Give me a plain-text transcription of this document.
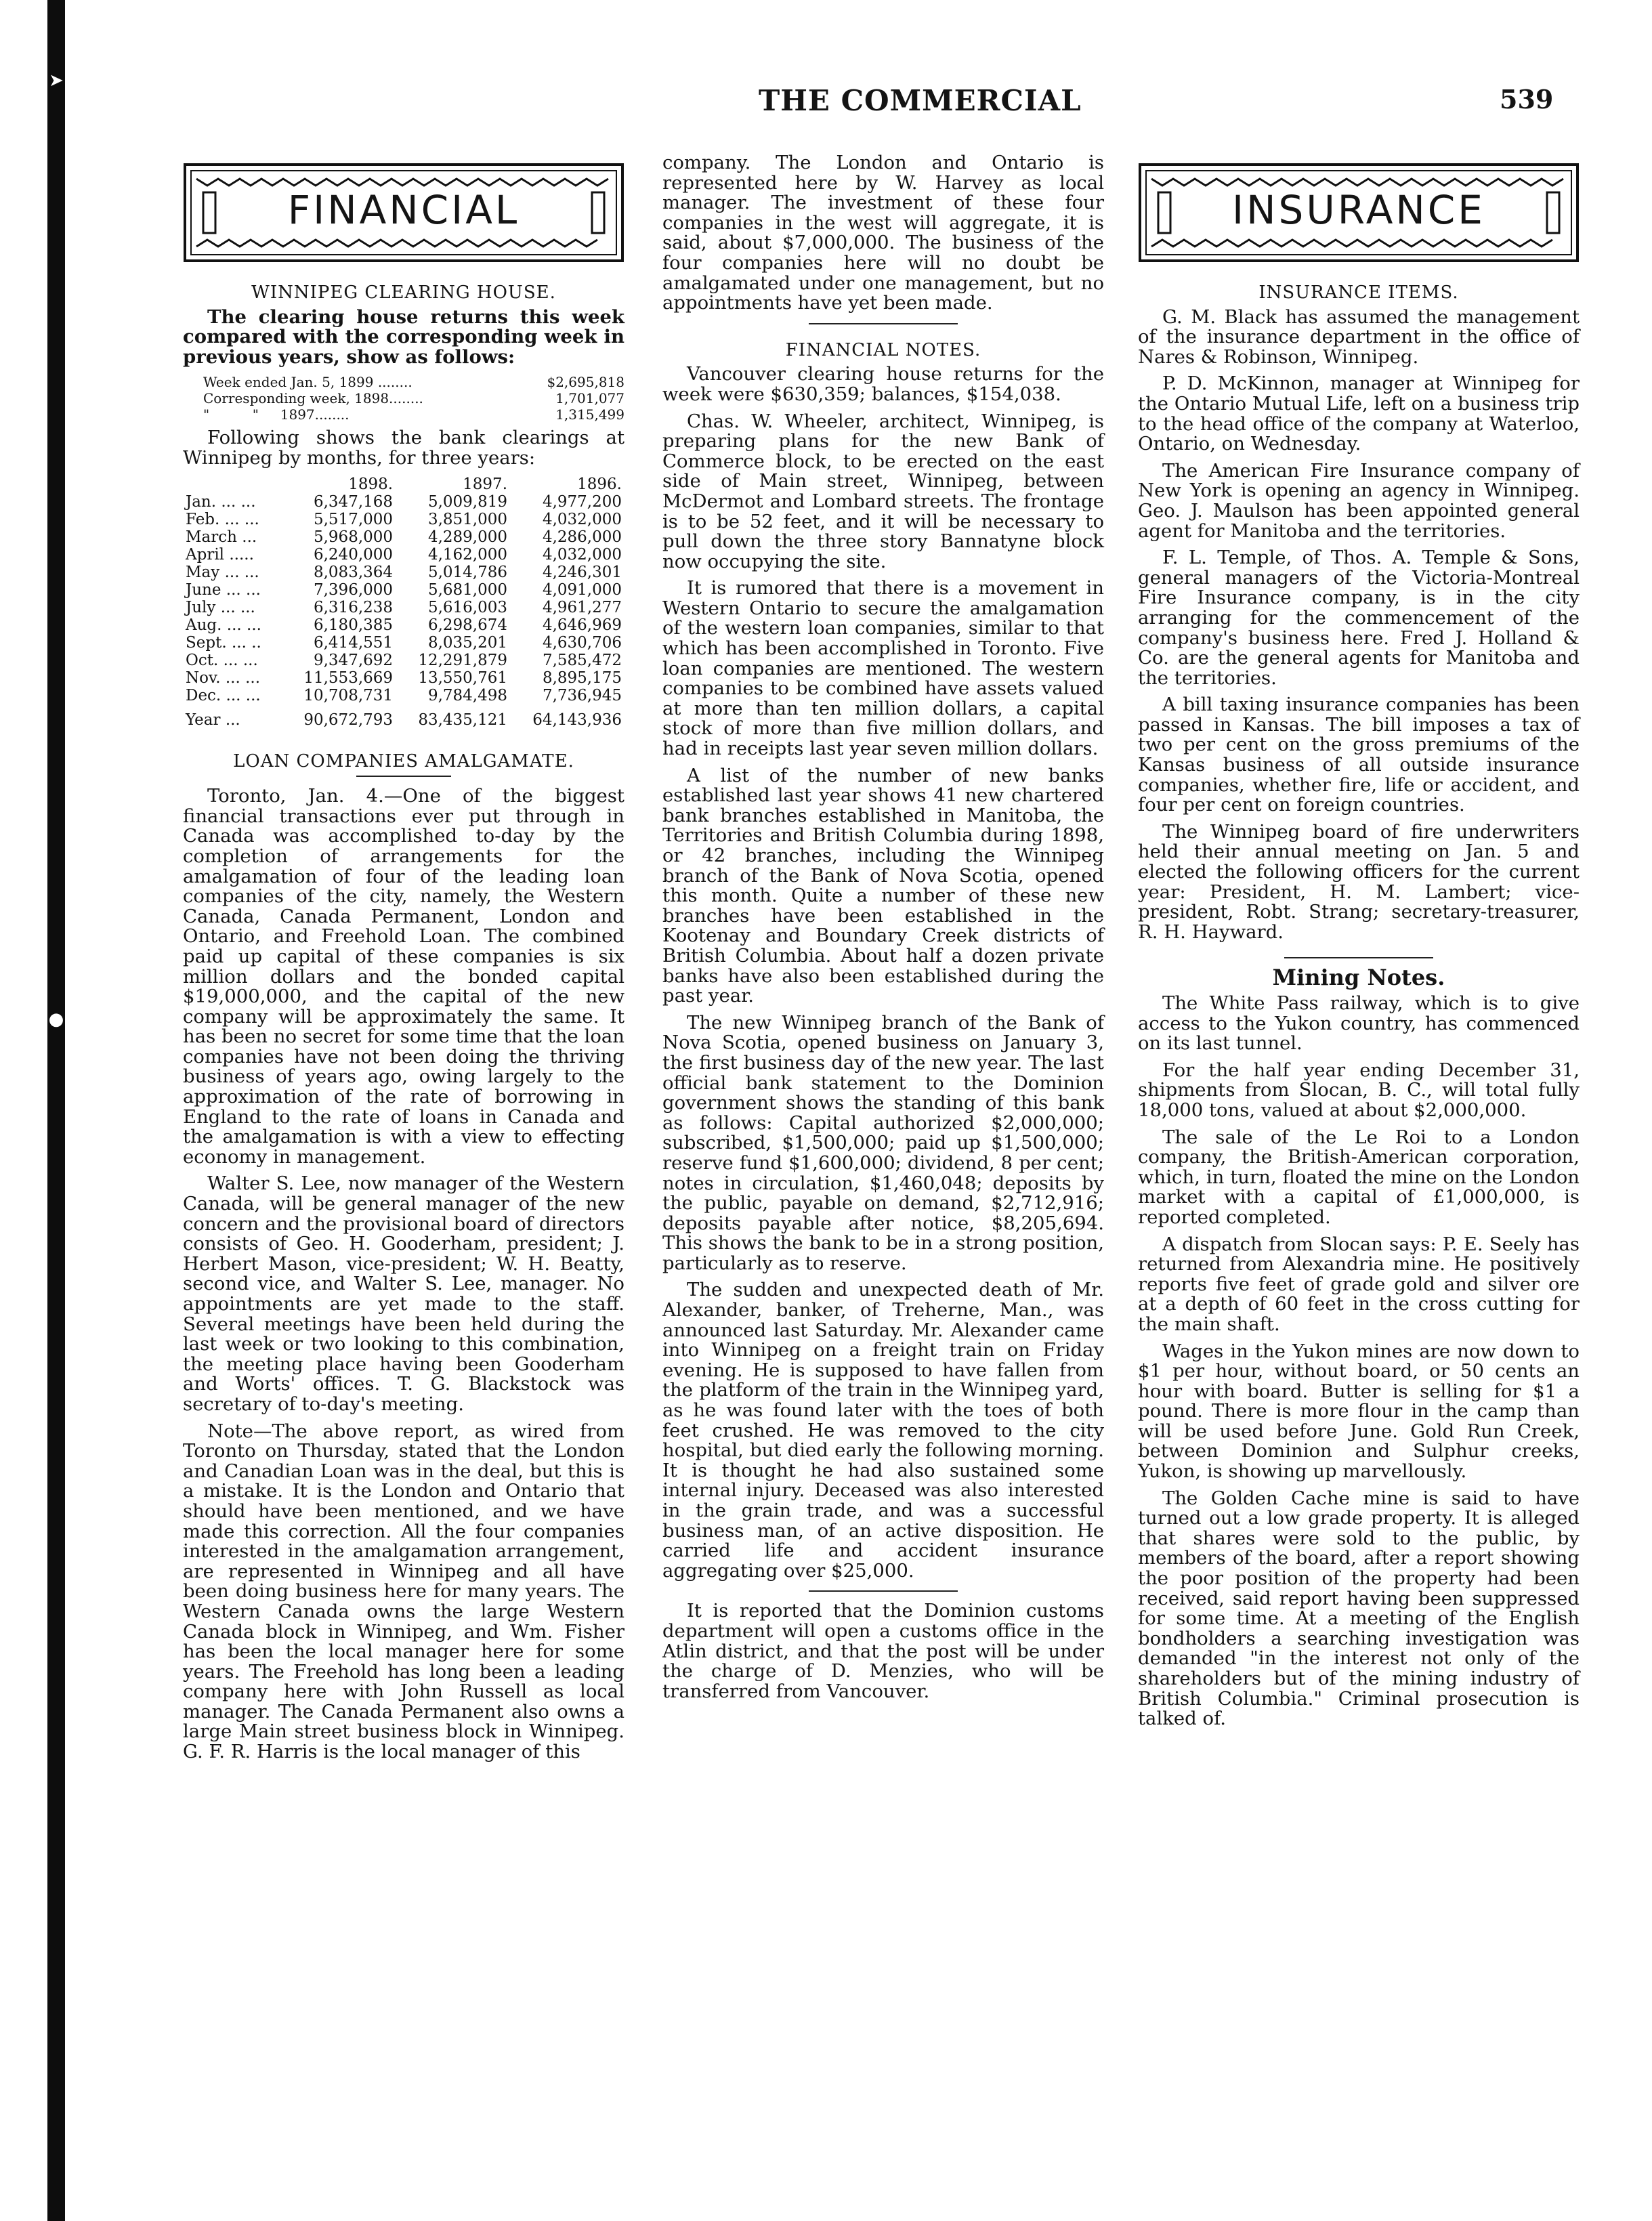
➤
●
THE COMMERCIAL	539
FINANCIAL
WINNIPEG CLEARING HOUSE.

The clearing house returns this week compared with the corresponding week in previous years, show as follows:

Week ended Jan. 5, 1899 ........	$2,695,818
Corresponding week, 1898........	1,701,077
"          "     1897........	1,315,499

Following shows the bank clearings at Winnipeg by months, for three years:

	1898.	1897.	1896.
Jan. ... ...	6,347,168	5,009,819	4,977,200
Feb. ... ...	5,517,000	3,851,000	4,032,000
March ...	5,968,000	4,289,000	4,286,000
April .....	6,240,000	4,162,000	4,032,000
May ... ...	8,083,364	5,014,786	4,246,301
June ... ...	7,396,000	5,681,000	4,091,000
July ... ...	6,316,238	5,616,003	4,961,277
Aug. ... ...	6,180,385	6,298,674	4,646,969
Sept. ... ..	6,414,551	8,035,201	4,630,706
Oct. ... ...	9,347,692	12,291,879	7,585,472
Nov. ... ...	11,553,669	13,550,761	8,895,175
Dec. ... ...	10,708,731	9,784,498	7,736,945
Year ...	90,672,793	83,435,121	64,143,936
LOAN COMPANIES AMALGAMATE.

Toronto, Jan. 4.—One of the biggest financial transactions ever put through in Canada was accomplished to-day by the completion of arrangements for the amalgamation of four of the leading loan companies of the city, namely, the Western Canada, Canada Permanent, London and Ontario, and Freehold Loan. The combined paid up capital of these companies is six million dollars and the bonded capital $19,000,000, and the capital of the new company will be approximately the same. It has been no secret for some time that the loan companies have not been doing the thriving business of years ago, owing largely to the approximation of the rate of borrowing in England to the rate of loans in Canada and the amalgamation is with a view to effecting economy in management.

Walter S. Lee, now manager of the Western Canada, will be general manager of the new concern and the provisional board of directors consists of Geo. H. Gooderham, president; J. Herbert Mason, vice-president; W. H. Beatty, second vice, and Walter S. Lee, manager. No appointments are yet made to the staff. Several meetings have been held during the last week or two looking to this combination, the meeting place having been Gooderham and Worts' offices. T. G. Blackstock was secretary of to-day's meeting.

Note—The above report, as wired from Toronto on Thursday, stated that the London and Canadian Loan was in the deal, but this is a mistake. It is the London and Ontario that should have been mentioned, and we have made this correction. All the four companies interested in the amalgamation arrangement, are represented in Winnipeg and all have been doing business here for many years. The Western Canada owns the large Western Canada block in Winnipeg, and Wm. Fisher has been the local manager here for some years. The Freehold has long been a leading company here with John Russell as local manager. The Canada Permanent also owns a large Main street business block in Winnipeg. G. F. R. Harris is the local manager of this

company. The London and Ontario is represented here by W. Harvey as local manager. The investment of these four companies in the west will aggregate, it is said, about $7,000,000. The business of the four companies here will no doubt be amalgamated under one management, but no appointments have yet been made.

FINANCIAL NOTES.

Vancouver clearing house returns for the week were $630,359; balances, $154,038.

Chas. W. Wheeler, architect, Winnipeg, is preparing plans for the new Bank of Commerce block, to be erected on the east side of Main street, Winnipeg, between McDermot and Lombard streets. The frontage is to be 52 feet, and it will be necessary to pull down the three story Bannatyne block now occupying the site.

It is rumored that there is a movement in Western Ontario to secure the amalgamation of the western loan companies, similar to that which has been accomplished in Toronto. Five loan companies are mentioned. The western companies to be combined have assets valued at more than ten million dollars, a capital stock of more than five million dollars, and had in receipts last year seven million dollars.

A list of the number of new banks established last year shows 41 new chartered bank branches established in Manitoba, the Territories and British Columbia during 1898, or 42 branches, including the Winnipeg branch of the Bank of Nova Scotia, opened this month. Quite a number of these new branches have been established in the Kootenay and Boundary Creek districts of British Columbia. About half a dozen private banks have also been established during the past year.

The new Winnipeg branch of the Bank of Nova Scotia, opened business on January 3, the first business day of the new year. The last official bank statement to the Dominion government shows the standing of this bank as follows: Capital authorized $2,000,000; subscribed, $1,500,000; paid up $1,500,000; reserve fund $1,600,000; dividend, 8 per cent; notes in circulation, $1,460,048; deposits by the public, payable on demand, $2,712,916; deposits payable after notice, $8,205,694. This shows the bank to be in a strong position, particularly as to reserve.

The sudden and unexpected death of Mr. Alexander, banker, of Treherne, Man., was announced last Saturday. Mr. Alexander came into Winnipeg on a freight train on Friday evening. He is supposed to have fallen from the platform of the train in the Winnipeg yard, as he was found later with the toes of both feet crushed. He was removed to the city hospital, but died early the following morning. It is thought he had also sustained some internal injury. Deceased was also interested in the grain trade, and was a successful business man, of an active disposition. He carried life and accident insurance aggregating over $25,000.

It is reported that the Dominion customs department will open a customs office in the Atlin district, and that the post will be under the charge of D. Menzies, who will be transferred from Vancouver.

INSURANCE
INSURANCE ITEMS.

G. M. Black has assumed the management of the insurance department in the office of Nares & Robinson, Winnipeg.

P. D. McKinnon, manager at Winnipeg for the Ontario Mutual Life, left on a business trip to the head office of the company at Waterloo, Ontario, on Wednesday.

The American Fire Insurance company of New York is opening an agency in Winnipeg. Geo. J. Maulson has been appointed general agent for Manitoba and the territories.

F. L. Temple, of Thos. A. Temple & Sons, general managers of the Victoria-Montreal Fire Insurance company, is in the city arranging for the commencement of the company's business here. Fred J. Holland & Co. are the general agents for Manitoba and the territories.

A bill taxing insurance companies has been passed in Kansas. The bill imposes a tax of two per cent on the gross premiums of the Kansas business of all outside insurance companies, whether fire, life or accident, and four per cent on foreign countries.

The Winnipeg board of fire underwriters held their annual meeting on Jan. 5 and elected the following officers for the current year: President, H. M. Lambert; vice-president, Robt. Strang; secretary-treasurer, R. H. Hayward.

Mining Notes.

The White Pass railway, which is to give access to the Yukon country, has commenced on its last tunnel.

For the half year ending December 31, shipments from Slocan, B. C., will total fully 18,000 tons, valued at about $2,000,000.

The sale of the Le Roi to a London company, the British-American corporation, which, in turn, floated the mine on the London market with a capital of £1,000,000, is reported completed.

A dispatch from Slocan says: P. E. Seely has returned from Alexandria mine. He positively reports five feet of grade gold and silver ore at a depth of 60 feet in the cross cutting for the main shaft.

Wages in the Yukon mines are now down to $1 per hour, without board, or 50 cents an hour with board. Butter is selling for $1 a pound. There is more flour in the camp than will be used before June. Gold Run Creek, between Dominion and Sulphur creeks, Yukon, is showing up marvellously.

The Golden Cache mine is said to have turned out a low grade property. It is alleged that shares were sold to the public, by members of the board, after a report showing the poor position of the property had been received, said report having been suppressed for some time. At a meeting of the English bondholders a searching investigation was demanded "in the interest not only of the shareholders but of the mining industry of British Columbia." Criminal prosecution is talked of.
